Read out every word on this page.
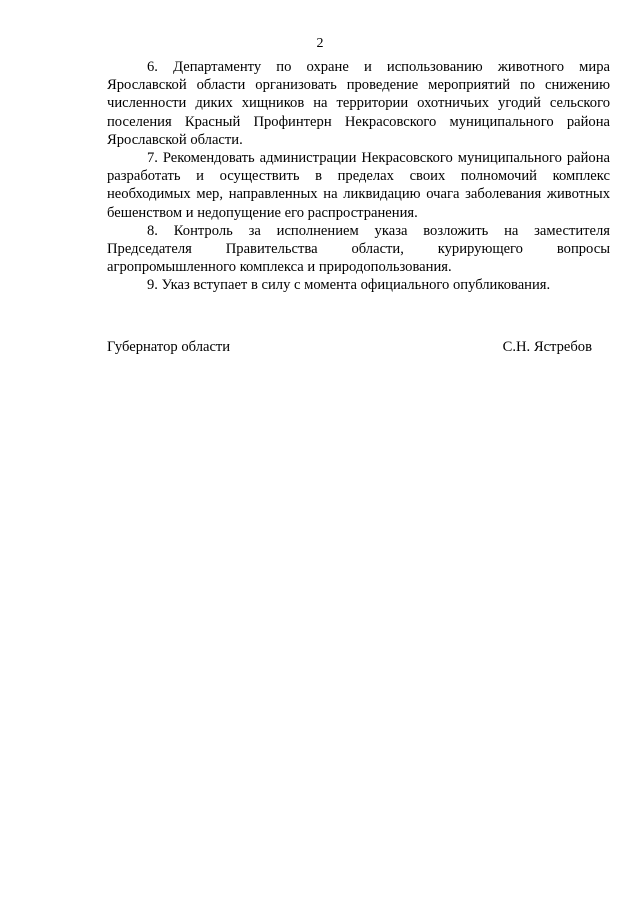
2

6. Департаменту по охране и использованию животного мира Ярославской области организовать проведение мероприятий по снижению численности диких хищников на территории охотничьих угодий сельского поселения Красный Профинтерн Некрасовского муниципального района Ярославской области.

7. Рекомендовать администрации Некрасовского муниципального района разработать и осуществить в пределах своих полномочий комплекс необходимых мер, направленных на ликвидацию очага заболевания животных бешенством и недопущение его распространения.

8. Контроль за исполнением указа возложить на заместителя Председателя Правительства области, курирующего вопросы агропромышленного комплекса и природопользования.

9. Указ вступает в силу с момента официального опубликования.

Губернатор области	С.Н. Ястребов
